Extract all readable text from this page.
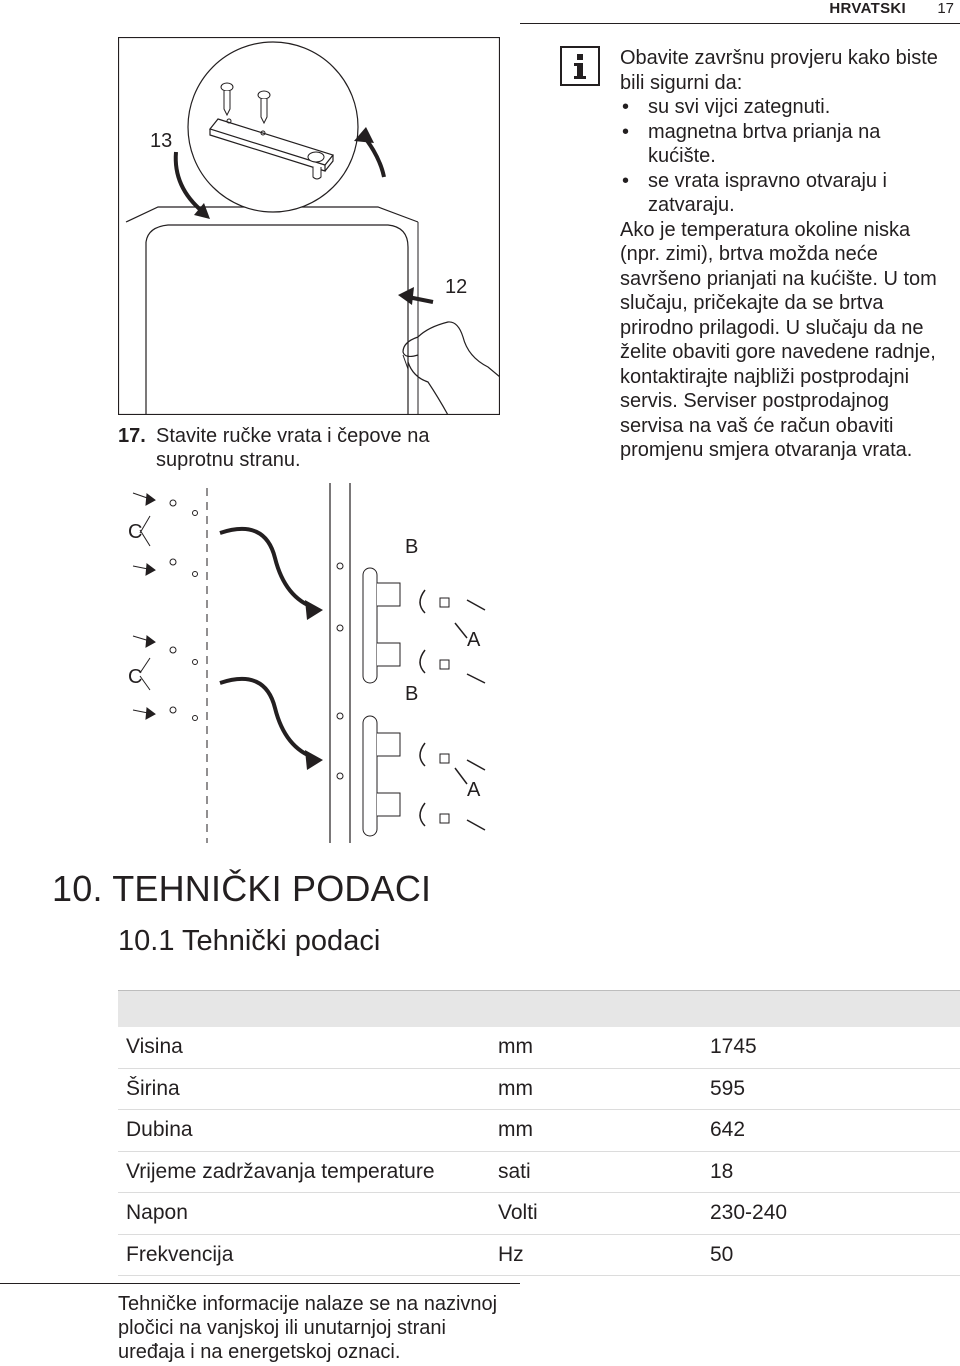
HRVATSKI 17
13
12
17. Stavite ručke vrata i čepove na suprotnu stranu.
C
B
A
C
B
A

Obavite završnu provjeru kako biste bili sigurni da:

• su svi vijci zategnuti.
• magnetna brtva prianja na kućište.
• se vrata ispravno otvaraju i zatvaraju.

Ako je temperatura okoline niska (npr. zimi), brtva možda neće savršeno prianjati na kućište. U tom slučaju, pričekajte da se brtva prirodno prilagodi. U slučaju da ne želite obaviti gore navedene radnje, kontaktirajte najbliži postprodajni servis. Serviser postprodajnog servisa na vaš će račun obaviti promjenu smjera otvaranja vrata.

10. TEHNIČKI PODACI
10.1 Tehnički podaci
Visina	mm	1745
Širina	mm	595
Dubina	mm	642
Vrijeme zadržavanja temperature	sati	18
Napon	Volti	230-240
Frekvencija	Hz	50
Tehničke informacije nalaze se na nazivnoj pločici na vanjskoj ili unutarnjoj strani uređaja i na energetskoj oznaci.
